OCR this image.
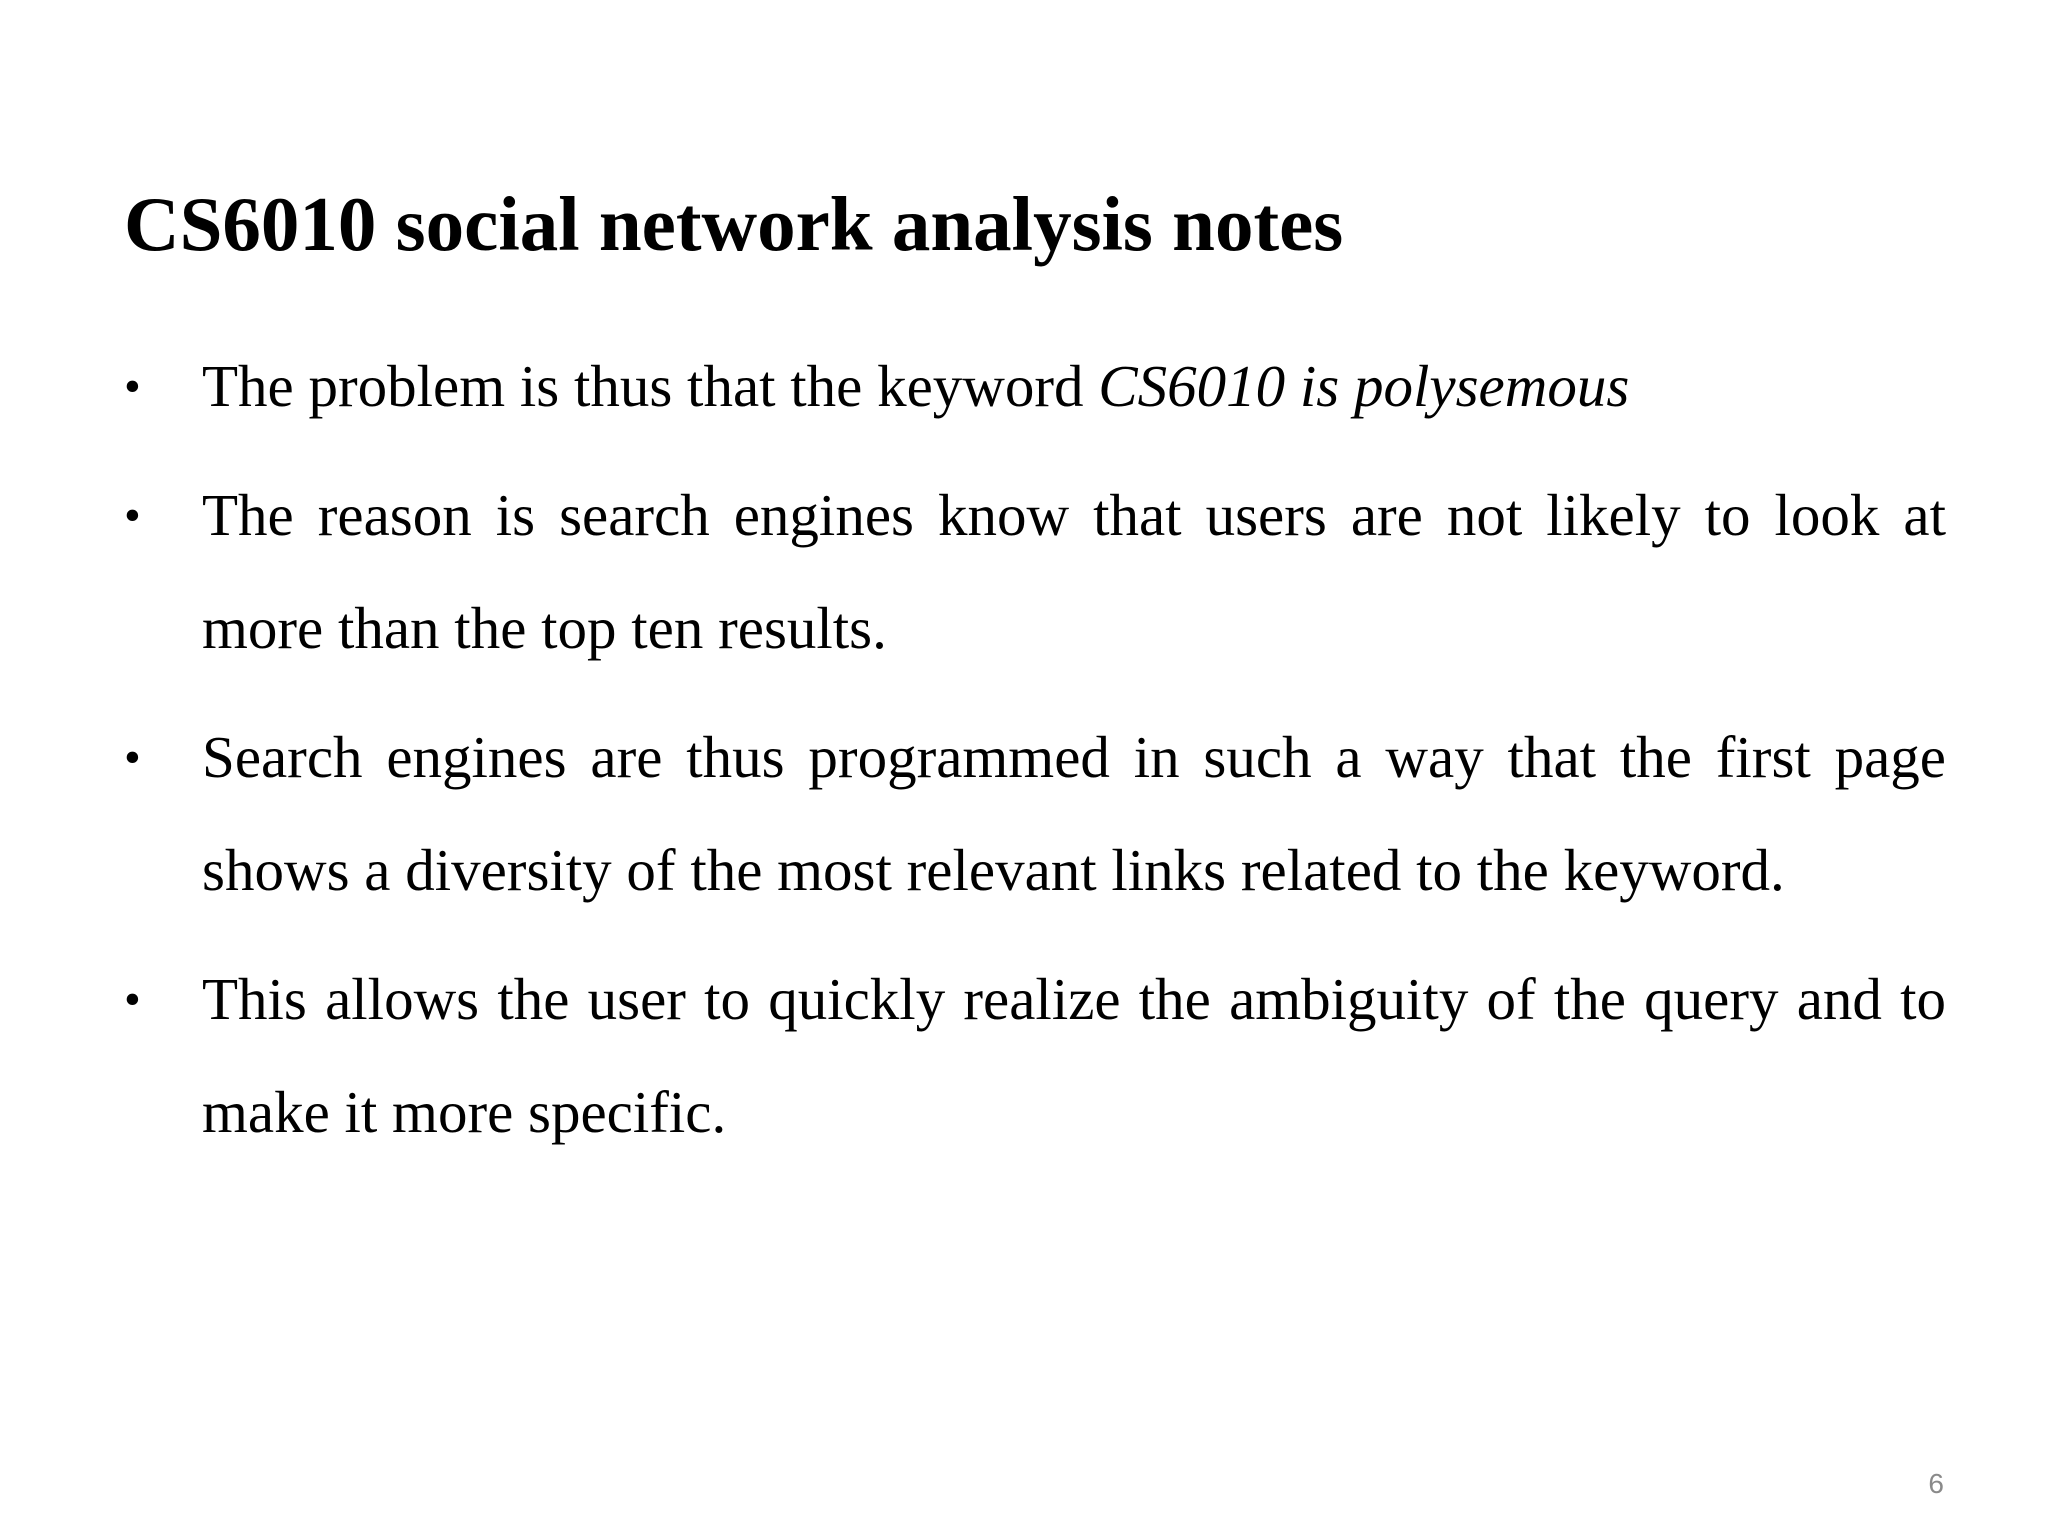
CS6010 social network analysis notes
• The problem is thus that the keyword CS6010 is polysemous
• The reason is search engines know that users are not likely to look at more than the top ten results.
• Search engines are thus programmed in such a way that the first page shows a diversity of the most relevant links related to the keyword.
• This allows the user to quickly realize the ambiguity of the query and to make it more specific.
6
